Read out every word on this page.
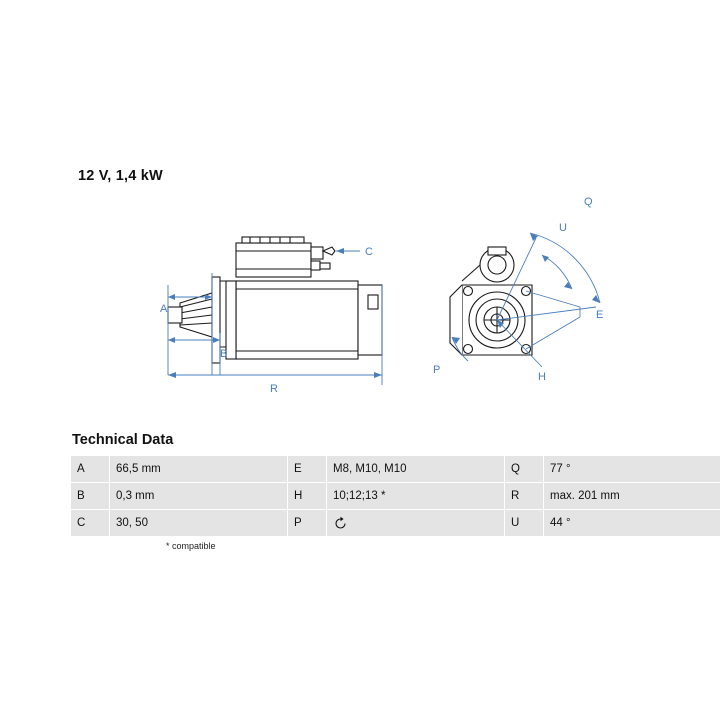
12 V, 1,4 kW
A
B
C
R
Q
U
E
H
P
Technical Data
A	66,5 mm	E	M8, M10, M10	Q	77 °
B	0,3 mm	H	10;12;13 *	R	max. 201 mm
C	30, 50	P		U	44 °
* compatible
